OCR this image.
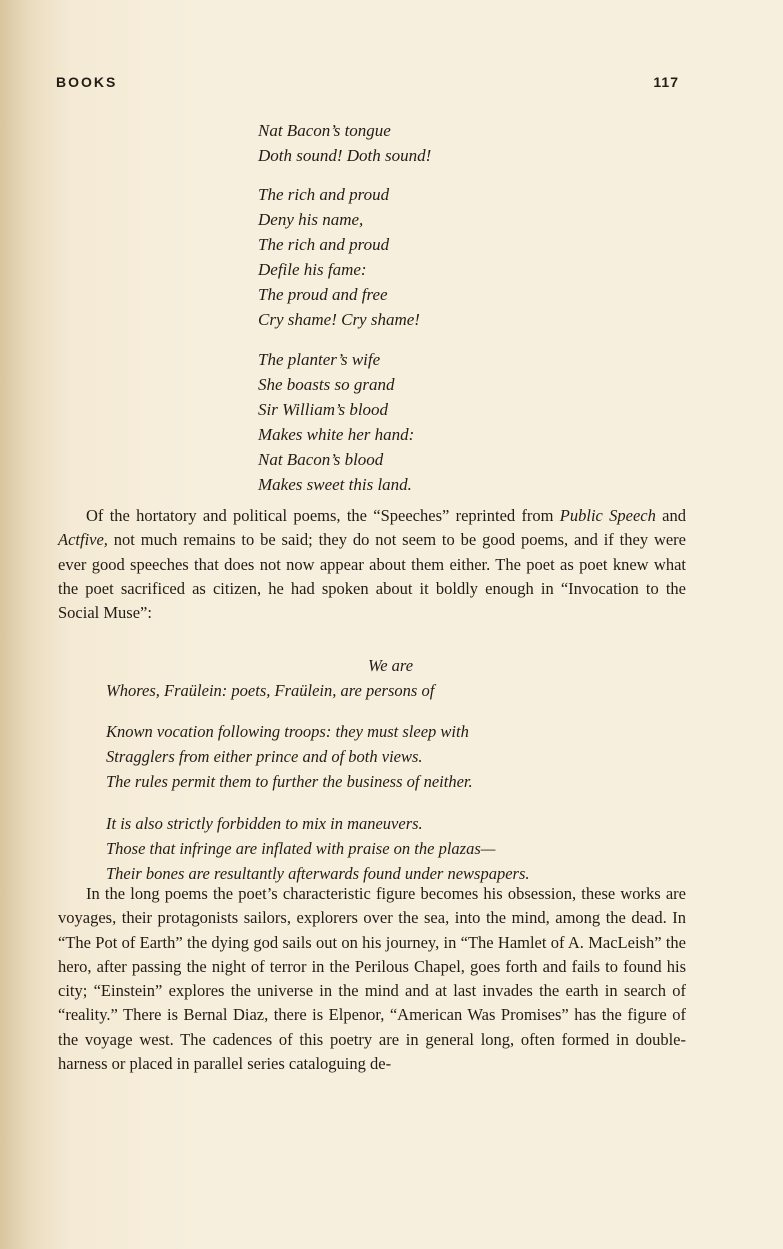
BOOKS	117
Nat Bacon’s tongue
Doth sound! Doth sound!
The rich and proud
Deny his name,
The rich and proud
Defile his fame:
The proud and free
Cry shame! Cry shame!
The planter’s wife
She boasts so grand
Sir William’s blood
Makes white her hand:
Nat Bacon’s blood
Makes sweet this land.

Of the hortatory and political poems, the “Speeches” reprinted from Public Speech and Actfive, not much remains to be said; they do not seem to be good poems, and if they were ever good speeches that does not now appear about them either. The poet as poet knew what the poet sacrificed as citizen, he had spoken about it boldly enough in “Invocation to the Social Muse”:

We are
Whores, Fraülein: poets, Fraülein, are persons of
Known vocation following troops: they must sleep with
Stragglers from either prince and of both views.
The rules permit them to further the business of neither.
It is also strictly forbidden to mix in maneuvers.
Those that infringe are inflated with praise on the plazas—
Their bones are resultantly afterwards found under newspapers.

In the long poems the poet’s characteristic figure becomes his obsession, these works are voyages, their protagonists sailors, explorers over the sea, into the mind, among the dead. In “The Pot of Earth” the dying god sails out on his journey, in “The Hamlet of A. MacLeish” the hero, after passing the night of terror in the Perilous Chapel, goes forth and fails to found his city; “Einstein” explores the universe in the mind and at last invades the earth in search of “reality.” There is Bernal Diaz, there is Elpenor, “American Was Promises” has the figure of the voyage west. The cadences of this poetry are in general long, often formed in double-harness or placed in parallel series cataloguing de-
